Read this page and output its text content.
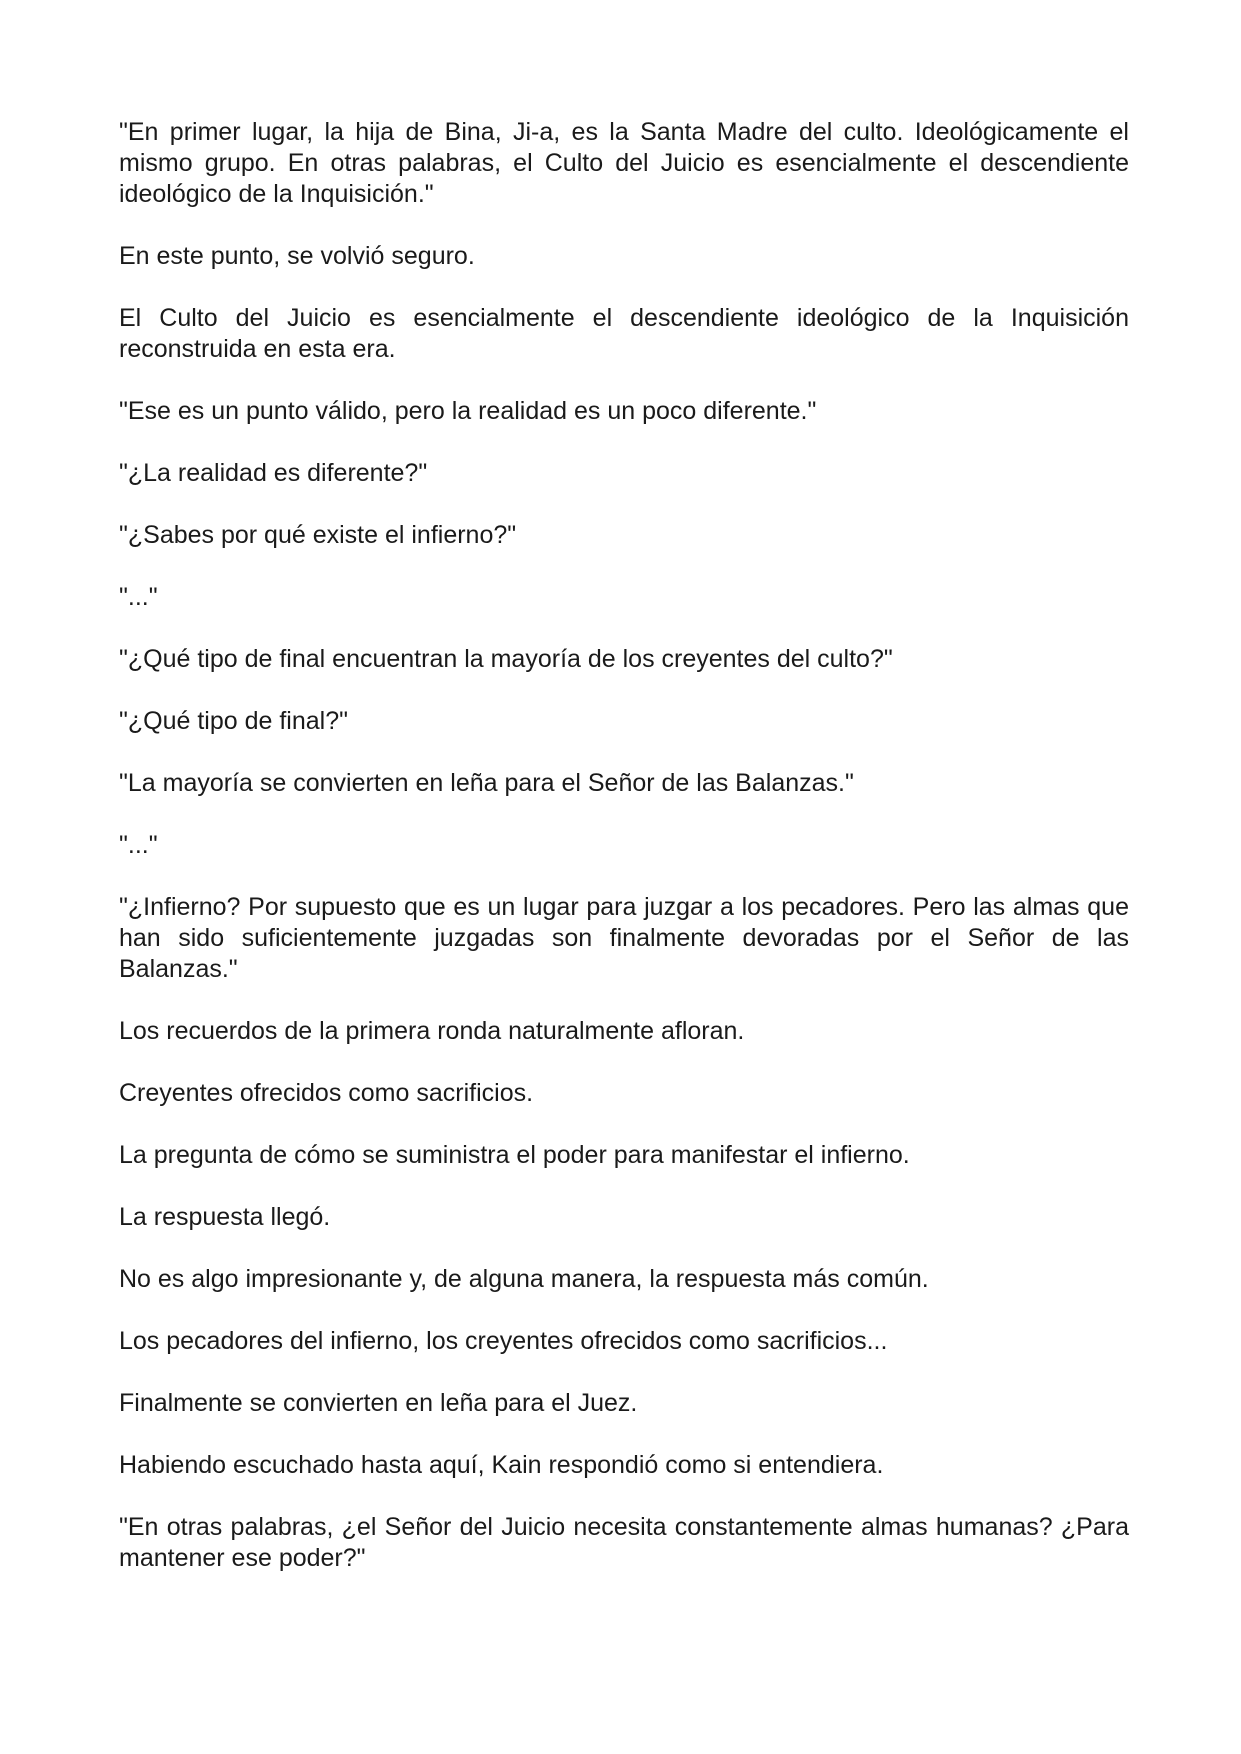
"En primer lugar, la hija de Bina, Ji-a, es la Santa Madre del culto. Ideológicamente el mismo grupo. En otras palabras, el Culto del Juicio es esencialmente el descendiente ideológico de la Inquisición."

En este punto, se volvió seguro.

El Culto del Juicio es esencialmente el descendiente ideológico de la Inquisición reconstruida en esta era.

"Ese es un punto válido, pero la realidad es un poco diferente."

"¿La realidad es diferente?"

"¿Sabes por qué existe el infierno?"

"..."

"¿Qué tipo de final encuentran la mayoría de los creyentes del culto?"

"¿Qué tipo de final?"

"La mayoría se convierten en leña para el Señor de las Balanzas."

"..."

"¿Infierno? Por supuesto que es un lugar para juzgar a los pecadores. Pero las almas que han sido suficientemente juzgadas son finalmente devoradas por el Señor de las Balanzas."

Los recuerdos de la primera ronda naturalmente afloran.

Creyentes ofrecidos como sacrificios.

La pregunta de cómo se suministra el poder para manifestar el infierno.

La respuesta llegó.

No es algo impresionante y, de alguna manera, la respuesta más común.

Los pecadores del infierno, los creyentes ofrecidos como sacrificios...

Finalmente se convierten en leña para el Juez.

Habiendo escuchado hasta aquí, Kain respondió como si entendiera.

"En otras palabras, ¿el Señor del Juicio necesita constantemente almas humanas? ¿Para mantener ese poder?"
